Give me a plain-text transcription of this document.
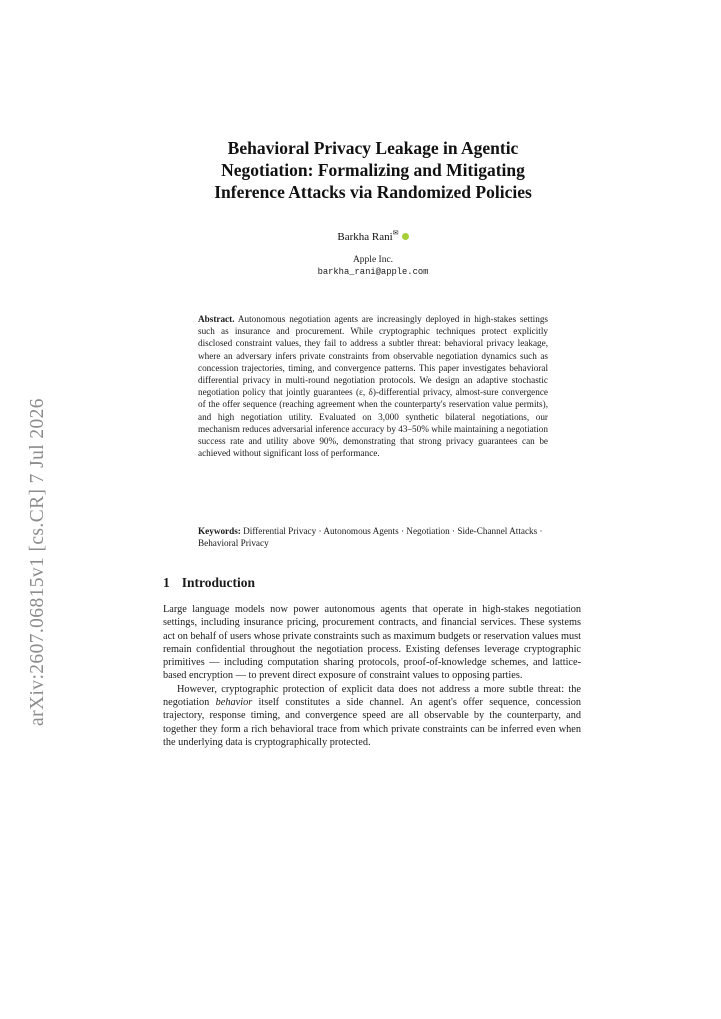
arXiv:2607.06815v1 [cs.CR] 7 Jul 2026
Behavioral Privacy Leakage in Agentic
Negotiation: Formalizing and Mitigating
Inference Attacks via Randomized Policies
Barkha Rani✉
Apple Inc.
barkha_rani@apple.com
Abstract. Autonomous negotiation agents are increasingly deployed in high-stakes settings such as insurance and procurement. While cryptographic techniques protect explicitly disclosed constraint values, they fail to address a subtler threat: behavioral privacy leakage, where an adversary infers private constraints from observable negotiation dynamics such as concession trajectories, timing, and convergence patterns. This paper investigates behavioral differential privacy in multi-round negotiation protocols. We design an adaptive stochastic negotiation policy that jointly guarantees (ε, δ)-differential privacy, almost-sure convergence of the offer sequence (reaching agreement when the counterparty's reservation value permits), and high negotiation utility. Evaluated on 3,000 synthetic bilateral negotiations, our mechanism reduces adversarial inference accuracy by 43–50% while maintaining a negotiation success rate and utility above 90%, demonstrating that strong privacy guarantees can be achieved without significant loss of performance.
Keywords: Differential Privacy · Autonomous Agents · Negotiation · Side-Channel Attacks · Behavioral Privacy
1 Introduction

Large language models now power autonomous agents that operate in high-stakes negotiation settings, including insurance pricing, procurement contracts, and financial services. These systems act on behalf of users whose private constraints such as maximum budgets or reservation values must remain confidential throughout the negotiation process. Existing defenses leverage cryptographic primitives — including computation sharing protocols, proof-of-knowledge schemes, and lattice-based encryption — to prevent direct exposure of constraint values to opposing parties.

However, cryptographic protection of explicit data does not address a more subtle threat: the negotiation behavior itself constitutes a side channel. An agent's offer sequence, concession trajectory, response timing, and convergence speed are all observable by the counterparty, and together they form a rich behavioral trace from which private constraints can be inferred even when the underlying data is cryptographically protected.
